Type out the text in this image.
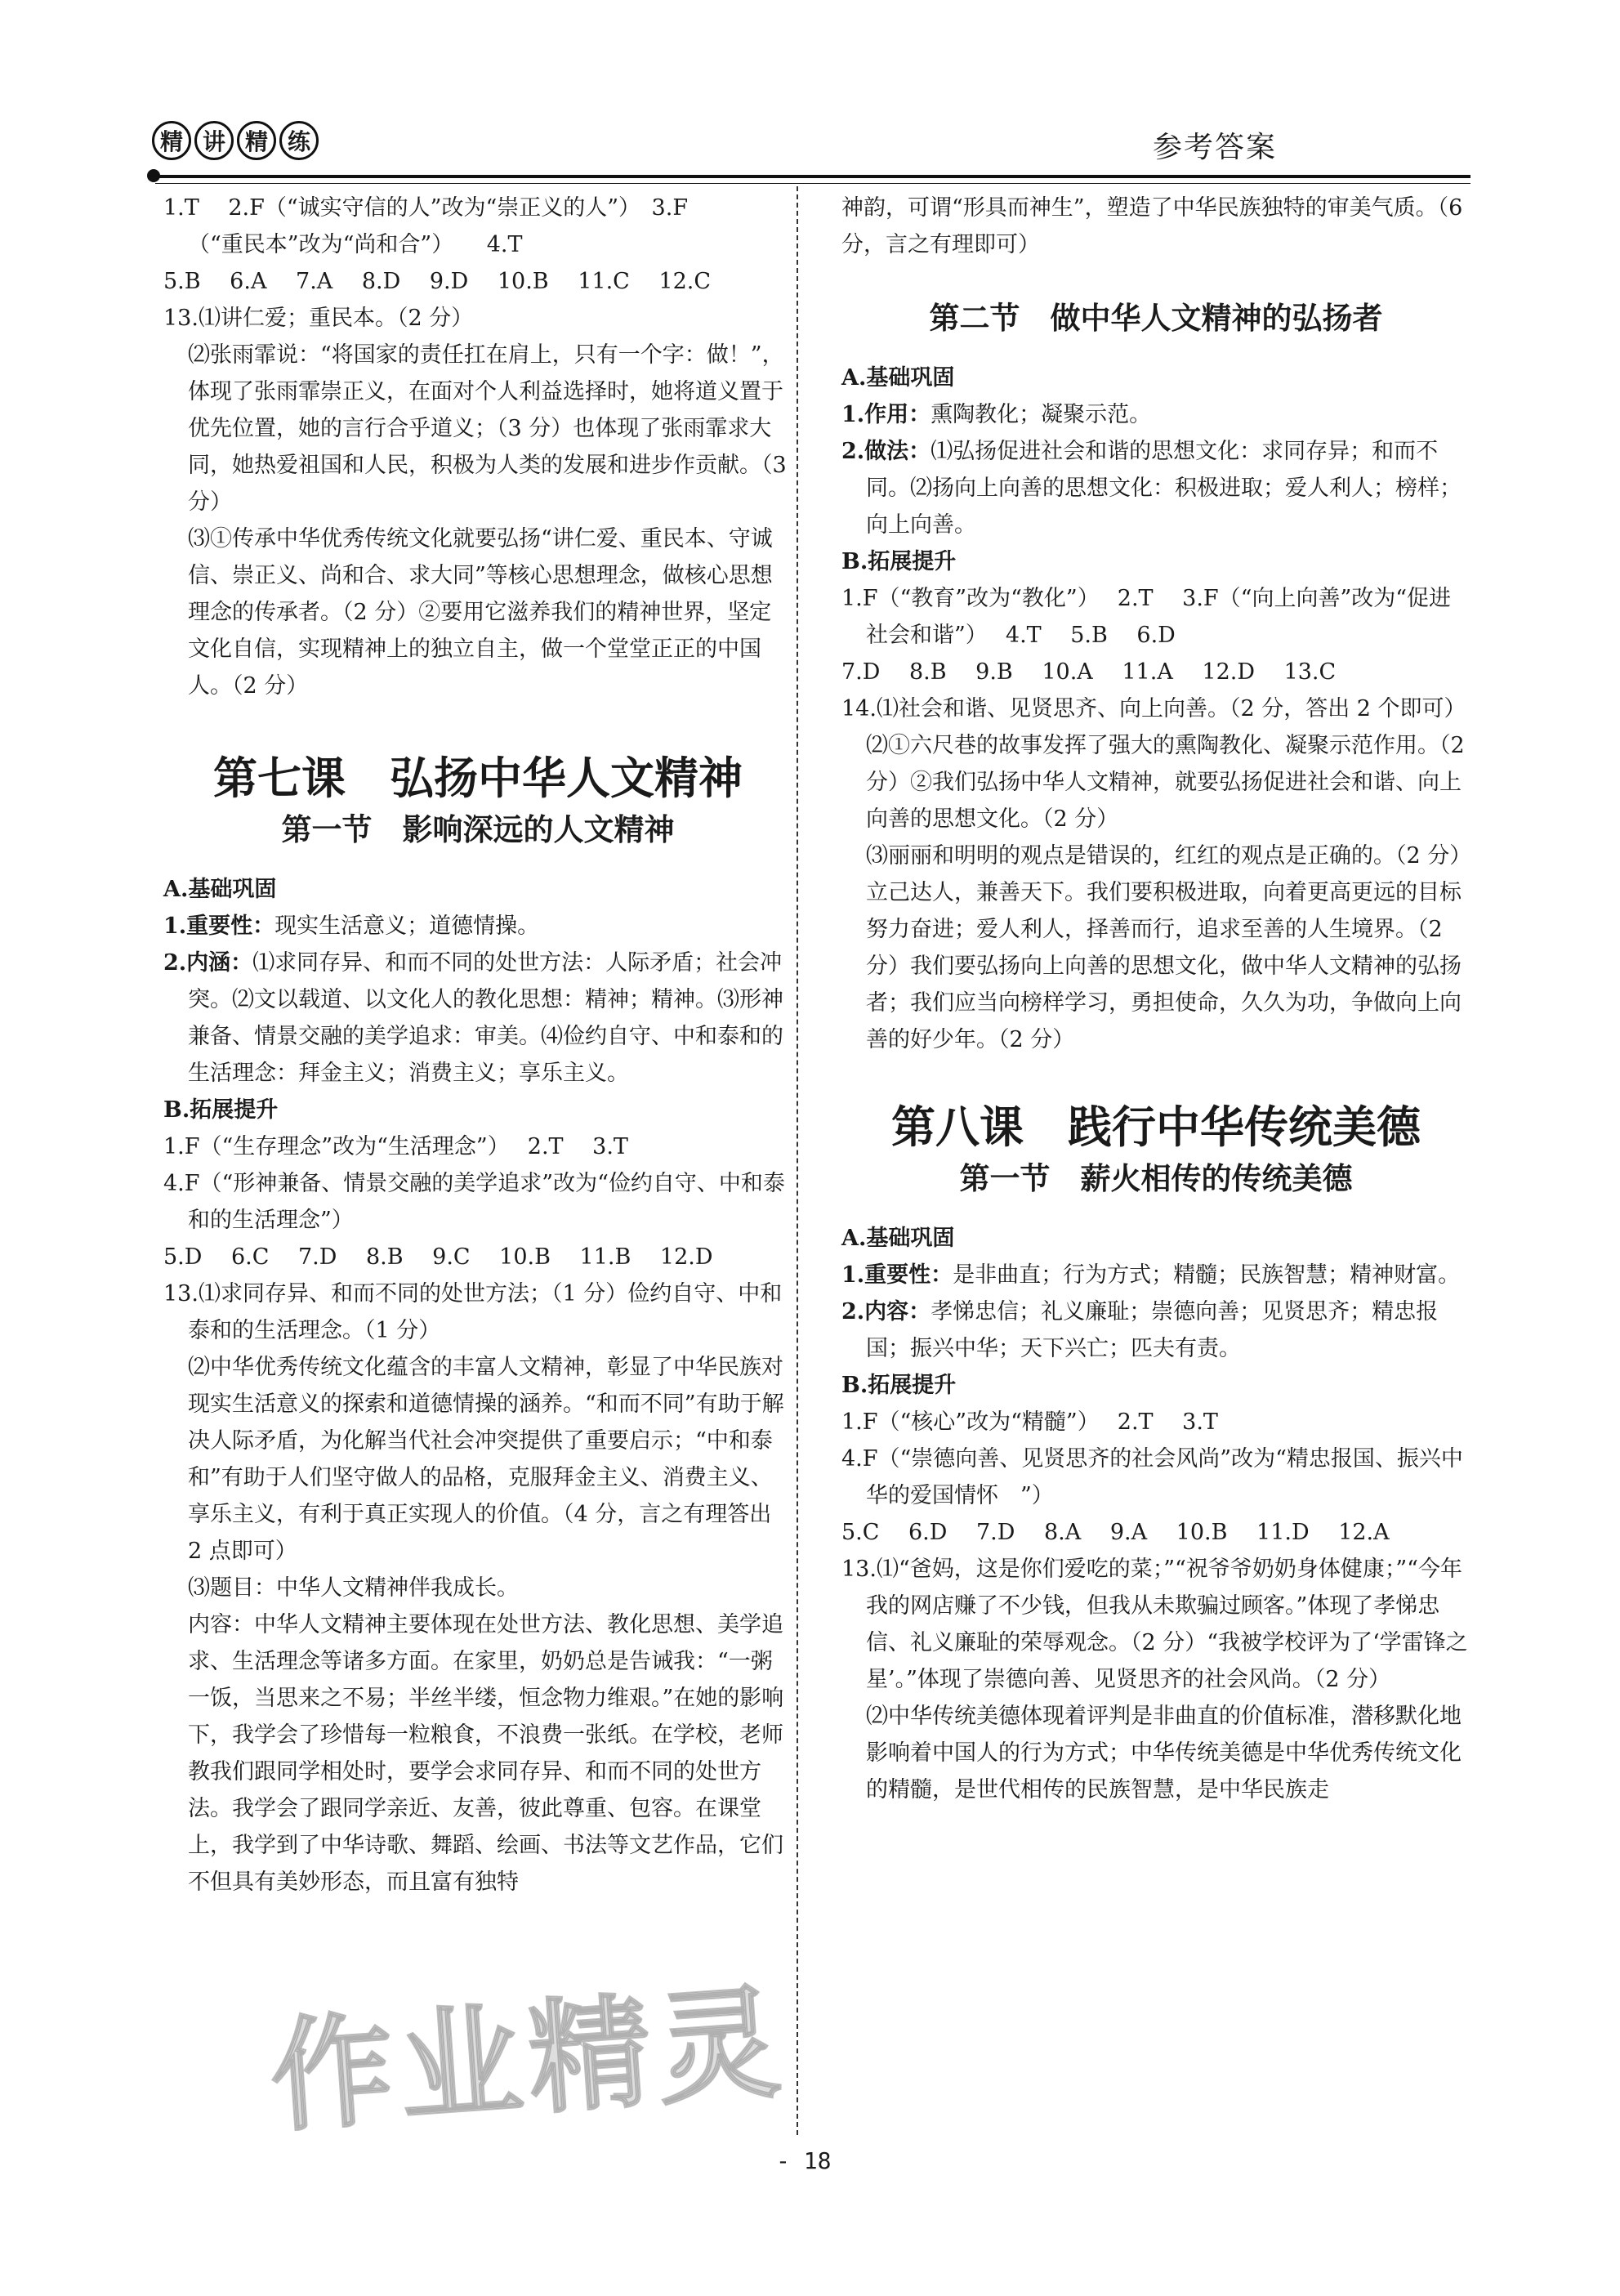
精 讲 精 练	参考答案

1.T　 2.F（“诚实守信的人”改为“崇正义的人”）　3.F

（“重民本”改为“尚和合”）　　4.T

5.B　 6.A　 7.A　 8.D　 9.D　 10.B　 11.C　 12.C

13.⑴讲仁爱；重民本。（2 分）

⑵张雨霏说：“将国家的责任扛在肩上，只有一个字：做！”，体现了张雨霏崇正义，在面对个人利益选择时，她将道义置于优先位置，她的言行合乎道义；（3 分）也体现了张雨霏求大同，她热爱祖国和人民，积极为人类的发展和进步作贡献。（3 分）

⑶①传承中华优秀传统文化就要弘扬“讲仁爱、重民本、守诚信、崇正义、尚和合、求大同”等核心思想理念，做核心思想理念的传承者。（2 分）②要用它滋养我们的精神世界，坚定文化自信，实现精神上的独立自主，做一个堂堂正正的中国人。（2 分）

第七课　弘扬中华人文精神

第一节　影响深远的人文精神

A.基础巩固

1.重要性：现实生活意义；道德情操。

2.内涵：⑴求同存异、和而不同的处世方法：人际矛盾；社会冲突。⑵文以载道、以文化人的教化思想：精神；精神。⑶形神兼备、情景交融的美学追求：审美。⑷俭约自守、中和泰和的生活理念：拜金主义；消费主义；享乐主义。

B.拓展提升

1.F（“生存理念”改为“生活理念”）　 2.T　 3.T

4.F（“形神兼备、情景交融的美学追求”改为“俭约自守、中和泰和的生活理念”）

5.D　 6.C　 7.D　 8.B　 9.C　 10.B　 11.B　 12.D

13.⑴求同存异、和而不同的处世方法；（1 分）俭约自守、中和泰和的生活理念。（1 分）

⑵中华优秀传统文化蕴含的丰富人文精神，彰显了中华民族对现实生活意义的探索和道德情操的涵养。“和而不同”有助于解决人际矛盾，为化解当代社会冲突提供了重要启示；“中和泰和”有助于人们坚守做人的品格，克服拜金主义、消费主义、享乐主义，有利于真正实现人的价值。（4 分，言之有理答出 2 点即可）

⑶题目：中华人文精神伴我成长。

内容：中华人文精神主要体现在处世方法、教化思想、美学追求、生活理念等诸多方面。在家里，奶奶总是告诫我：“一粥一饭，当思来之不易；半丝半缕，恒念物力维艰。”在她的影响下，我学会了珍惜每一粒粮食，不浪费一张纸。在学校，老师教我们跟同学相处时，要学会求同存异、和而不同的处世方法。我学会了跟同学亲近、友善，彼此尊重、包容。在课堂上，我学到了中华诗歌、舞蹈、绘画、书法等文艺作品，它们不但具有美妙形态，而且富有独特

神韵，可谓“形具而神生”，塑造了中华民族独特的审美气质。（6 分，言之有理即可）

第二节　做中华人文精神的弘扬者

A.基础巩固

1.作用：熏陶教化；凝聚示范。

2.做法：⑴弘扬促进社会和谐的思想文化：求同存异；和而不同。⑵扬向上向善的思想文化：积极进取；爱人利人；榜样；向上向善。

B.拓展提升

1.F（“教育”改为“教化”）　 2.T　 3.F（“向上向善”改为“促进社会和谐”）　 4.T　 5.B　 6.D

7.D　 8.B　 9.B　 10.A　 11.A　 12.D　 13.C

14.⑴社会和谐、见贤思齐、向上向善。（2 分，答出 2 个即可）

⑵①六尺巷的故事发挥了强大的熏陶教化、凝聚示范作用。（2 分）②我们弘扬中华人文精神，就要弘扬促进社会和谐、向上向善的思想文化。（2 分）

⑶丽丽和明明的观点是错误的，红红的观点是正确的。（2 分）立己达人，兼善天下。我们要积极进取，向着更高更远的目标努力奋进；爱人利人，择善而行，追求至善的人生境界。（2 分）我们要弘扬向上向善的思想文化，做中华人文精神的弘扬者；我们应当向榜样学习，勇担使命，久久为功，争做向上向善的好少年。（2 分）

第八课　践行中华传统美德

第一节　薪火相传的传统美德

A.基础巩固

1.重要性：是非曲直；行为方式；精髓；民族智慧；精神财富。

2.内容：孝悌忠信；礼义廉耻；崇德向善；见贤思齐；精忠报国；振兴中华；天下兴亡；匹夫有责。

B.拓展提升

1.F（“核心”改为“精髓”）　 2.T　 3.T

4.F（“崇德向善、见贤思齐的社会风尚”改为“精忠报国、振兴中华的爱国情怀　”）

5.C　 6.D　 7.D　 8.A　 9.A　 10.B　 11.D　 12.A

13.⑴“爸妈，这是你们爱吃的菜；”“祝爷爷奶奶身体健康；”“今年我的网店赚了不少钱，但我从未欺骗过顾客。”体现了孝悌忠信、礼义廉耻的荣辱观念。（2 分）“我被学校评为了‘学雷锋之星’。”体现了崇德向善、见贤思齐的社会风尚。（2 分）

⑵中华传统美德体现着评判是非曲直的价值标准，潜移默化地影响着中国人的行为方式；中华传统美德是中华优秀传统文化的精髓，是世代相传的民族智慧，是中华民族走

作业精灵
- 18
